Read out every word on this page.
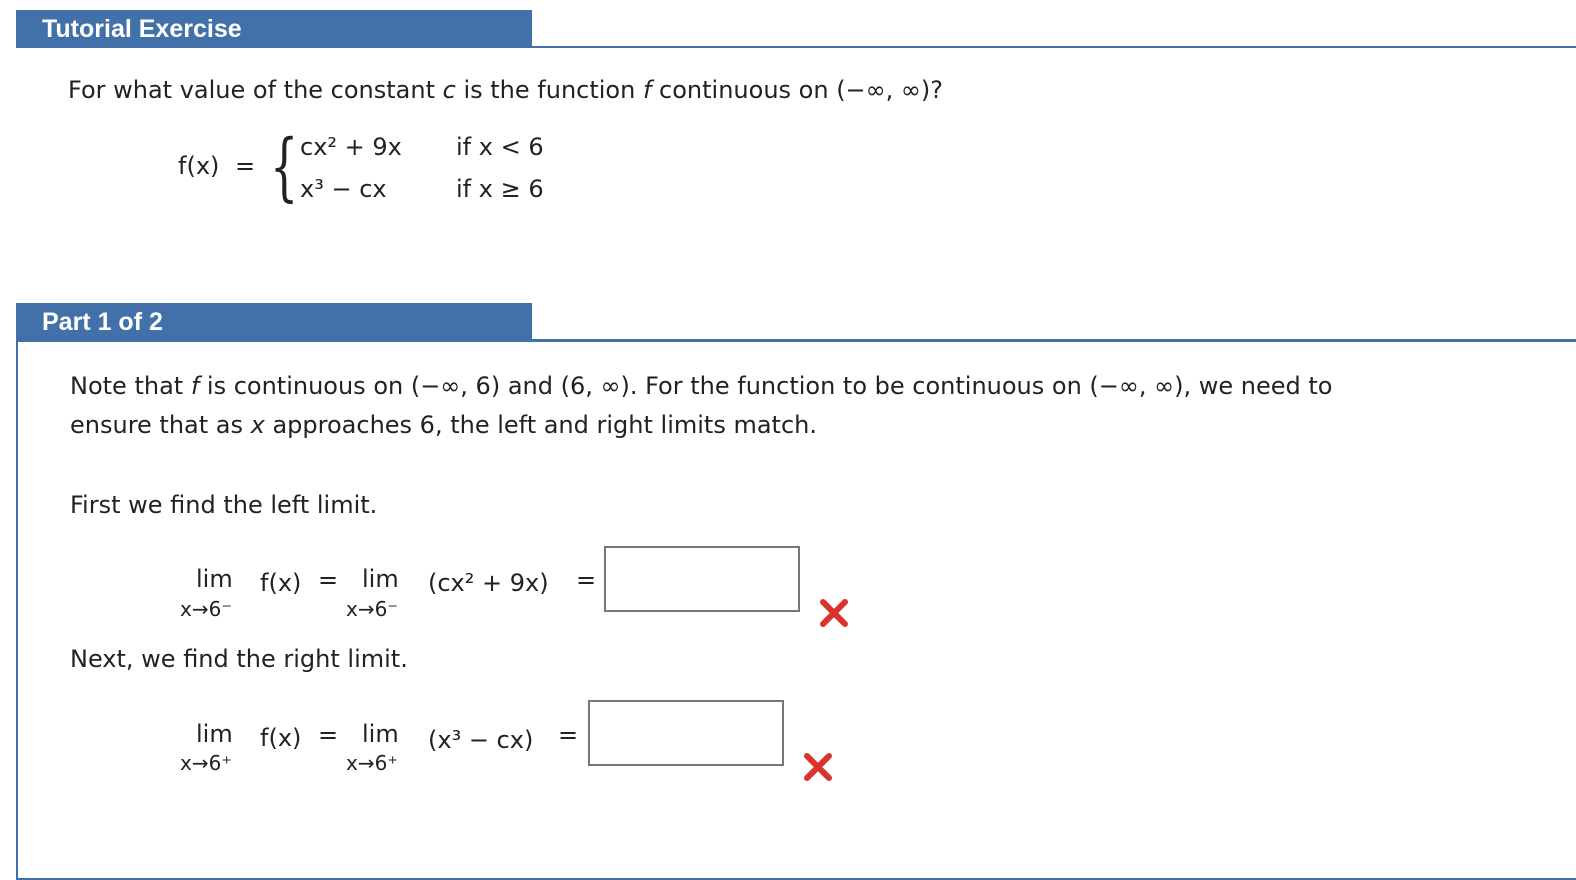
Tutorial Exercise
For what value of the constant c is the function f continuous on (−∞, ∞)?
f(x) = { cx² + 9x if x < 6
x³ − cx	if x ≥ 6
Part 1 of 2
Note that f is continuous on (−∞, 6) and (6, ∞). For the function to be continuous on (−∞, ∞), we need to
ensure that as x approaches 6, the left and right limits match.
First we find the left limit.
lim
x→6⁻
f(x) = lim
x→6⁻
(cx² + 9x) =
Next, we find the right limit.
lim
x→6⁺
f(x) = lim
x→6⁺
(x³ − cx) =
